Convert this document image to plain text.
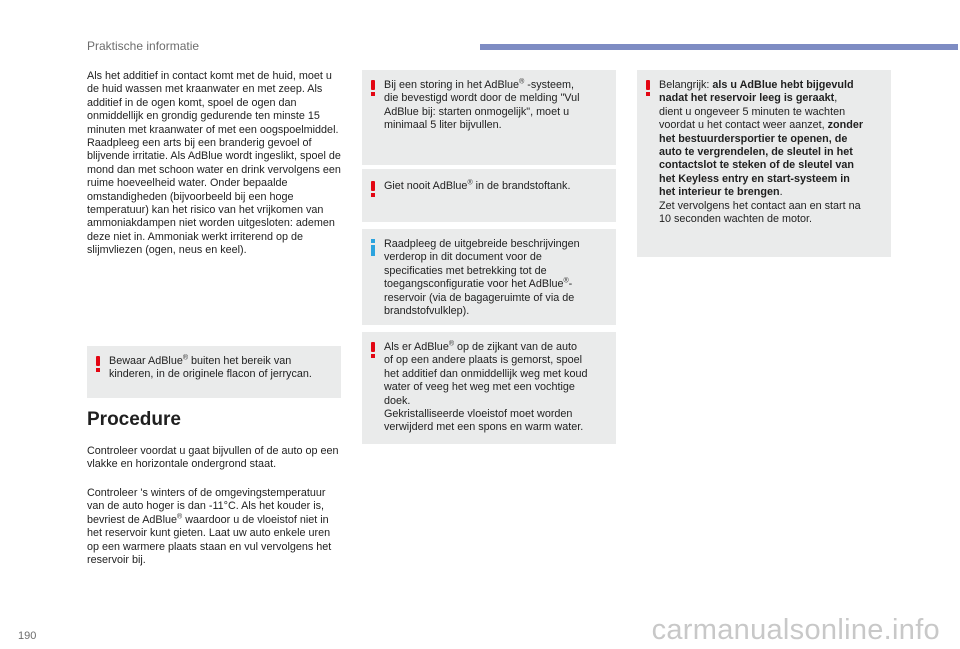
Praktische informatie

Als het additief in contact komt met de huid, moet u de huid wassen met kraanwater en met zeep. Als additief in de ogen komt, spoel de ogen dan onmiddellijk en grondig gedurende ten minste 15 minuten met kraanwater of met een oogspoelmiddel. Raadpleeg een arts bij een branderig gevoel of blijvende irritatie. Als AdBlue wordt ingeslikt, spoel de mond dan met schoon water en drink vervolgens een ruime hoeveelheid water. Onder bepaalde omstandigheden (bijvoorbeeld bij een hoge temperatuur) kan het risico van het vrijkomen van ammoniakdampen niet worden uitgesloten: ademen deze niet in. Ammoniak werkt irriterend op de slijmvliezen (ogen, neus en keel).

Bewaar AdBlue® buiten het bereik van
kinderen, in de originele flacon of jerrycan.
Procedure

Controleer voordat u gaat bijvullen of de auto op een vlakke en horizontale ondergrond staat.

Controleer 's winters of de omgevingstemperatuur van de auto hoger is dan -11°C. Als het kouder is, bevriest de AdBlue® waardoor u de vloeistof niet in het reservoir kunt gieten. Laat uw auto enkele uren op een warmere plaats staan en vul vervolgens het reservoir bij.

Bij een storing in het AdBlue® -systeem,
die bevestigd wordt door de melding "Vul
AdBlue bij: starten onmogelijk", moet u
minimaal 5 liter bijvullen.
Giet nooit AdBlue® in de brandstoftank.
Raadpleeg de uitgebreide beschrijvingen
verderop in dit document voor de
specificaties met betrekking tot de
toegangsconfiguratie voor het AdBlue®-
reservoir (via de bagageruimte of via de
brandstofvulklep).
Als er AdBlue® op de zijkant van de auto
of op een andere plaats is gemorst, spoel
het additief dan onmiddellijk weg met koud
water of veeg het weg met een vochtige
doek.
Gekristalliseerde vloeistof moet worden
verwijderd met een spons en warm water.
Belangrijk: als u AdBlue hebt bijgevuld
nadat het reservoir leeg is geraakt,
dient u ongeveer 5 minuten te wachten
voordat u het contact weer aanzet, zonder
het bestuurdersportier te openen, de
auto te vergrendelen, de sleutel in het
contactslot te steken of de sleutel van
het Keyless entry en start-systeem in
het interieur te brengen.
Zet vervolgens het contact aan en start na
10 seconden wachten de motor.
190	carmanualsonline.info
